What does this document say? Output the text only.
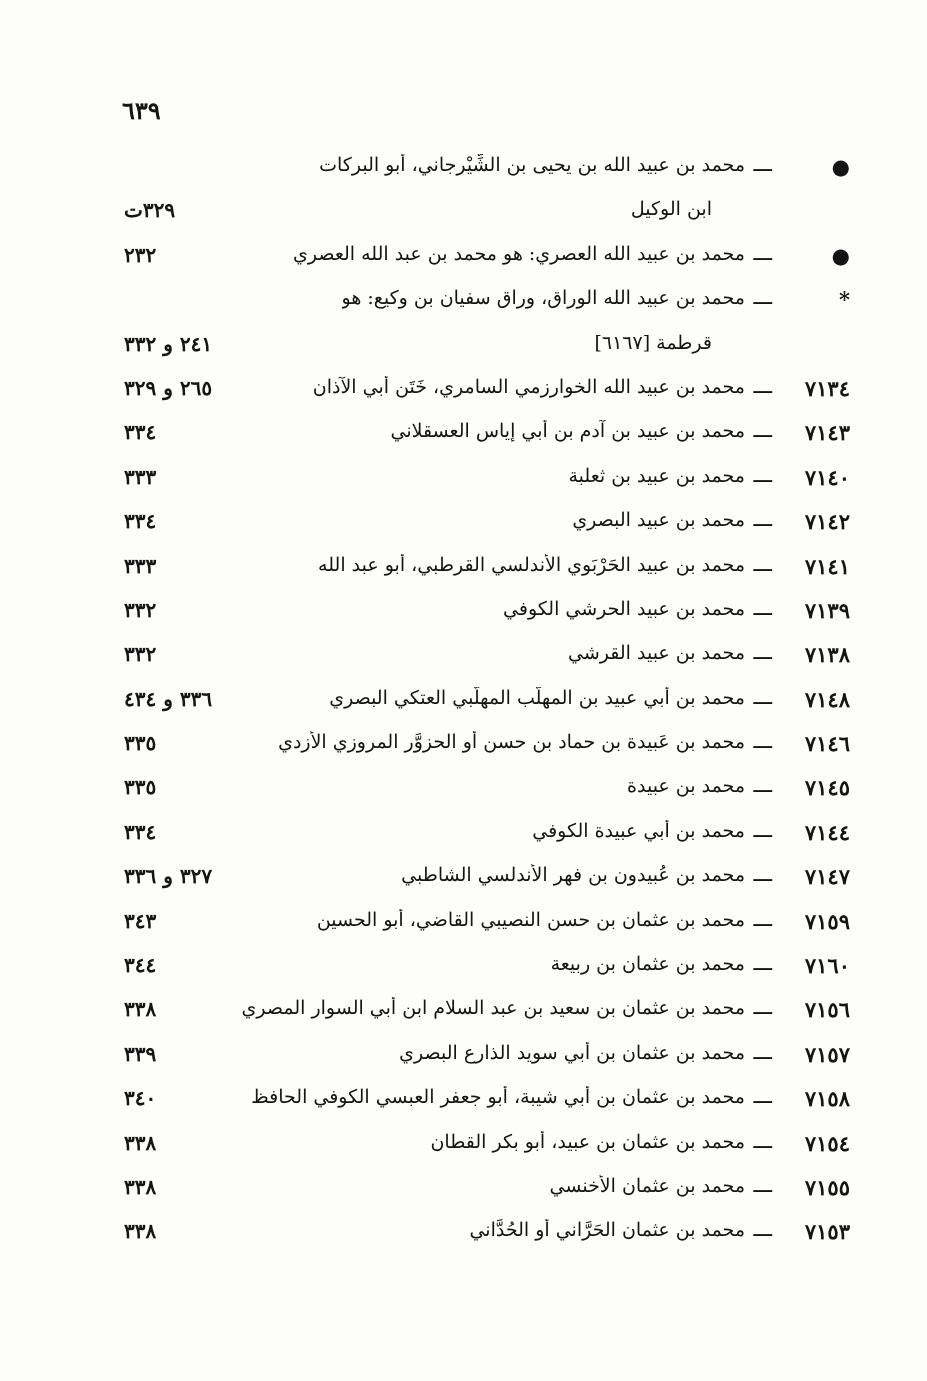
٦٣٩
●
ـــ
محمد بن عبيد الله بن يحيى بن الشِّيْرجاني، أبو البركات
ابن الوكيل
٣٢٩ت
●
ـــ
محمد بن عبيد الله العصري: هو محمد بن عبد الله العصري
٢٣٢
*
ـــ
محمد بن عبيد الله الوراق، وراق سفيان بن وكيع: هو
قرطمة [٦١٦٧]
٢٤١ و ٣٣٢
٧١٣٤
ـــ
محمد بن عبيد الله الخوارزمي السامري، خَتَن أبي الآذان
٢٦٥ و ٣٢٩
٧١٤٣
ـــ
محمد بن عبيد بن آدم بن أبي إياس العسقلاني
٣٣٤
٧١٤٠
ـــ
محمد بن عبيد بن ثعلبة
٣٣٣
٧١٤٢
ـــ
محمد بن عبيد البصري
٣٣٤
٧١٤١
ـــ
محمد بن عبيد الحَرْبَوي الأندلسي القرطبي، أبو عبد الله
٣٣٣
٧١٣٩
ـــ
محمد بن عبيد الحرشي الكوفي
٣٣٢
٧١٣٨
ـــ
محمد بن عبيد القرشي
٣٣٢
٧١٤٨
ـــ
محمد بن أبي عبيد بن المهلَّب المهلَّبي العتكي البصري
٣٣٦ و ٤٣٤
٧١٤٦
ـــ
محمد بن عَبيدة بن حماد بن حسن أو الحزوَّر المروزي الأزدي
٣٣٥
٧١٤٥
ـــ
محمد بن عبيدة
٣٣٥
٧١٤٤
ـــ
محمد بن أبي عبيدة الكوفي
٣٣٤
٧١٤٧
ـــ
محمد بن عُبيدون بن فهر الأندلسي الشاطبي
٣٢٧ و ٣٣٦
٧١٥٩
ـــ
محمد بن عثمان بن حسن النصيبي القاضي، أبو الحسين
٣٤٣
٧١٦٠
ـــ
محمد بن عثمان بن ربيعة
٣٤٤
٧١٥٦
ـــ
محمد بن عثمان بن سعيد بن عبد السلام ابن أبي السوار المصري
٣٣٨
٧١٥٧
ـــ
محمد بن عثمان بن أبي سويد الذارع البصري
٣٣٩
٧١٥٨
ـــ
محمد بن عثمان بن أبي شيبة، أبو جعفر العبسي الكوفي الحافظ
٣٤٠
٧١٥٤
ـــ
محمد بن عثمان بن عبيد، أبو بكر القطان
٣٣٨
٧١٥٥
ـــ
محمد بن عثمان الأخنسي
٣٣٨
٧١٥٣
ـــ
محمد بن عثمان الحَرَّاني أو الحُدَّاني
٣٣٨
